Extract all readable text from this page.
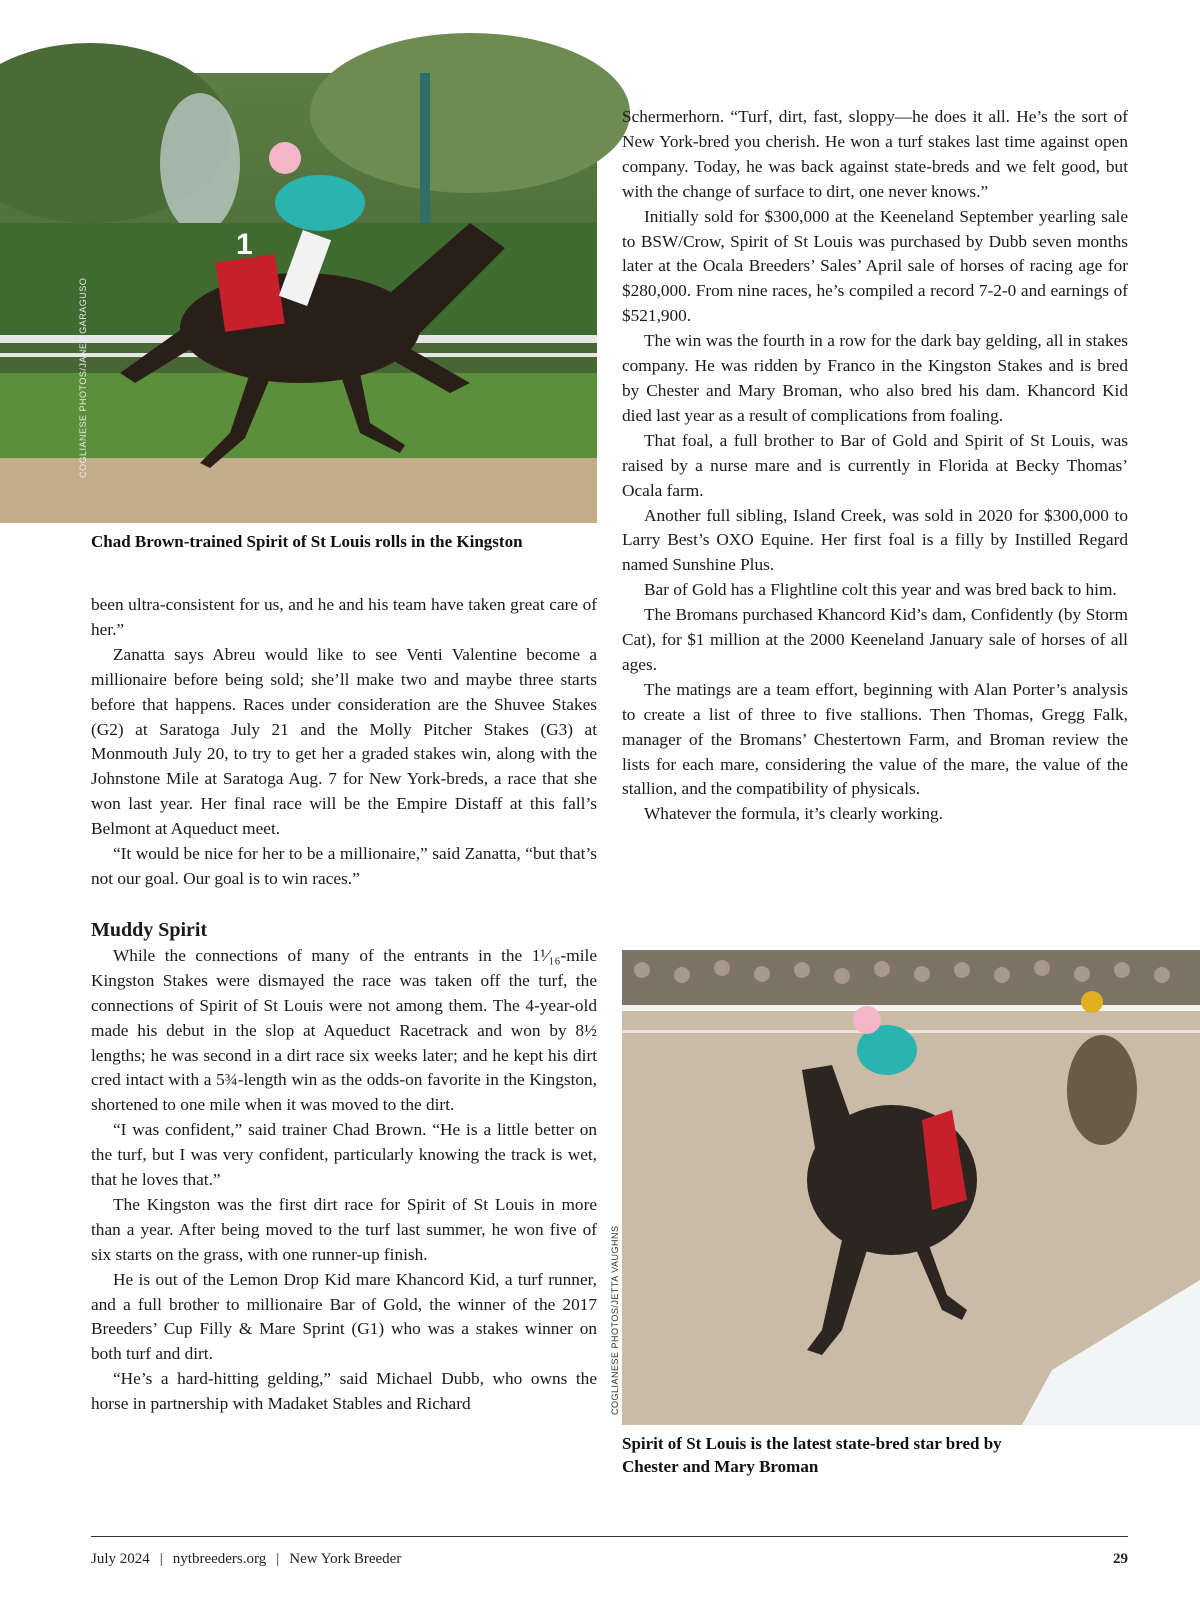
COGLIANESE PHOTOS/JANET GARAGUSO
1
Chad Brown-trained Spirit of St Louis rolls in the Kingston

been ultra-consistent for us, and he and his team have taken great care of her.”

Zanatta says Abreu would like to see Venti Valentine become a millionaire before being sold; she’ll make two and maybe three starts before that happens. Races under consideration are the Shuvee Stakes (G2) at Saratoga July 21 and the Molly Pitcher Stakes (G3) at Monmouth July 20, to try to get her a graded stakes win, along with the Johnstone Mile at Saratoga Aug. 7 for New York-breds, a race that she won last year. Her final race will be the Empire Distaff at this fall’s Belmont at Aqueduct meet.

“It would be nice for her to be a millionaire,” said Zanatta, “but that’s not our goal. Our goal is to win races.”

Muddy Spirit

While the connections of many of the entrants in the 1¹⁄₁₆-mile Kingston Stakes were dismayed the race was taken off the turf, the connections of Spirit of St Louis were not among them. The 4-year-old made his debut in the slop at Aqueduct Racetrack and won by 8½ lengths; he was second in a dirt race six weeks later; and he kept his dirt cred intact with a 5¾-length win as the odds-on favorite in the Kingston, shortened to one mile when it was moved to the dirt.

“I was confident,” said trainer Chad Brown. “He is a little better on the turf, but I was very confident, particularly knowing the track is wet, that he loves that.”

The Kingston was the first dirt race for Spirit of St Louis in more than a year. After being moved to the turf last summer, he won five of six starts on the grass, with one runner-up finish.

He is out of the Lemon Drop Kid mare Khancord Kid, a turf runner, and a full brother to millionaire Bar of Gold, the winner of the 2017 Breeders’ Cup Filly & Mare Sprint (G1) who was a stakes winner on both turf and dirt.

“He’s a hard-hitting gelding,” said Michael Dubb, who owns the horse in partnership with Madaket Stables and Richard

Schermerhorn. “Turf, dirt, fast, sloppy—he does it all. He’s the sort of New York-bred you cherish. He won a turf stakes last time against open company. Today, he was back against state-breds and we felt good, but with the change of surface to dirt, one never knows.”

Initially sold for $300,000 at the Keeneland September yearling sale to BSW/Crow, Spirit of St Louis was purchased by Dubb seven months later at the Ocala Breeders’ Sales’ April sale of horses of racing age for $280,000. From nine races, he’s compiled a record 7-2-0 and earnings of $521,900.

The win was the fourth in a row for the dark bay gelding, all in stakes company. He was ridden by Franco in the Kingston Stakes and is bred by Chester and Mary Broman, who also bred his dam. Khancord Kid died last year as a result of complications from foaling.

That foal, a full brother to Bar of Gold and Spirit of St Louis, was raised by a nurse mare and is currently in Florida at Becky Thomas’ Ocala farm.

Another full sibling, Island Creek, was sold in 2020 for $300,000 to Larry Best’s OXO Equine. Her first foal is a filly by Instilled Regard named Sunshine Plus.

Bar of Gold has a Flightline colt this year and was bred back to him.

The Bromans purchased Khancord Kid’s dam, Confidently (by Storm Cat), for $1 million at the 2000 Keeneland January sale of horses of all ages.

The matings are a team effort, beginning with Alan Porter’s analysis to create a list of three to five stallions. Then Thomas, Gregg Falk, manager of the Bromans’ Chestertown Farm, and Broman review the lists for each mare, considering the value of the mare, the value of the stallion, and the compatibility of physicals.

Whatever the formula, it’s clearly working.

COGLIANESE PHOTOS/JETTA VAUGHNS
Spirit of St Louis is the latest state-bred star bred by Chester and Mary Broman
July 2024 | nytbreeders.org | New York Breeder	29
